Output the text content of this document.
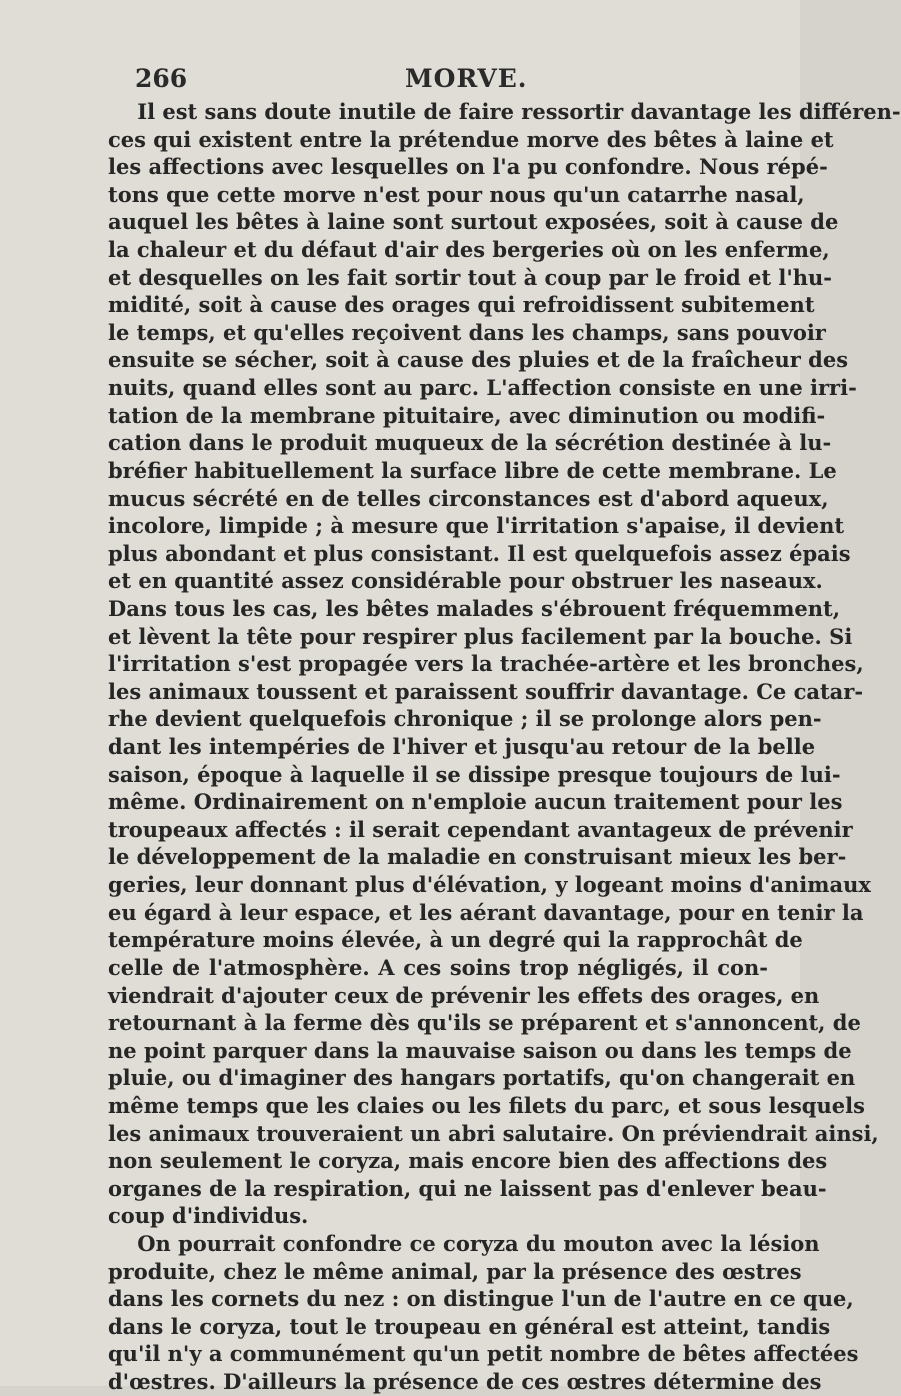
266	MORVE.
Il est sans doute inutile de faire ressortir davantage les différen-
ces qui existent entre la prétendue morve des bêtes à laine et
les affections avec lesquelles on l'a pu confondre. Nous répé-
tons que cette morve n'est pour nous qu'un catarrhe nasal,
auquel les bêtes à laine sont surtout exposées, soit à cause de
la chaleur et du défaut d'air des bergeries où on les enferme,
et desquelles on les fait sortir tout à coup par le froid et l'hu-
midité, soit à cause des orages qui refroidissent subitement
le temps, et qu'elles reçoivent dans les champs, sans pouvoir
ensuite se sécher, soit à cause des pluies et de la fraîcheur des
nuits, quand elles sont au parc. L'affection consiste en une irri-
tation de la membrane pituitaire, avec diminution ou modifi-
cation dans le produit muqueux de la sécrétion destinée à lu-
bréfier habituellement la surface libre de cette membrane. Le
mucus sécrété en de telles circonstances est d'abord aqueux,
incolore, limpide ; à mesure que l'irritation s'apaise, il devient
plus abondant et plus consistant. Il est quelquefois assez épais
et en quantité assez considérable pour obstruer les naseaux.
Dans tous les cas, les bêtes malades s'ébrouent fréquemment,
et lèvent la tête pour respirer plus facilement par la bouche. Si
l'irritation s'est propagée vers la trachée-artère et les bronches,
les animaux toussent et paraissent souffrir davantage. Ce catar-
rhe devient quelquefois chronique ; il se prolonge alors pen-
dant les intempéries de l'hiver et jusqu'au retour de la belle
saison, époque à laquelle il se dissipe presque toujours de lui-
même. Ordinairement on n'emploie aucun traitement pour les
troupeaux affectés : il serait cependant avantageux de prévenir
le développement de la maladie en construisant mieux les ber-
geries, leur donnant plus d'élévation, y logeant moins d'animaux
eu égard à leur espace, et les aérant davantage, pour en tenir la
température moins élevée, à un degré qui la rapprochât de
celle de l'atmosphère. A ces soins trop négligés, il con-
viendrait d'ajouter ceux de prévenir les effets des orages, en
retournant à la ferme dès qu'ils se préparent et s'annoncent, de
ne point parquer dans la mauvaise saison ou dans les temps de
pluie, ou d'imaginer des hangars portatifs, qu'on changerait en
même temps que les claies ou les filets du parc, et sous lesquels
les animaux trouveraient un abri salutaire. On préviendrait ainsi,
non seulement le coryza, mais encore bien des affections des
organes de la respiration, qui ne laissent pas d'enlever beau-
coup d'individus.
On pourrait confondre ce coryza du mouton avec la lésion
produite, chez le même animal, par la présence des œstres
dans les cornets du nez : on distingue l'un de l'autre en ce que,
dans le coryza, tout le troupeau en général est atteint, tandis
qu'il n'y a communément qu'un petit nombre de bêtes affectées
d'œstres. D'ailleurs la présence de ces œstres détermine des
